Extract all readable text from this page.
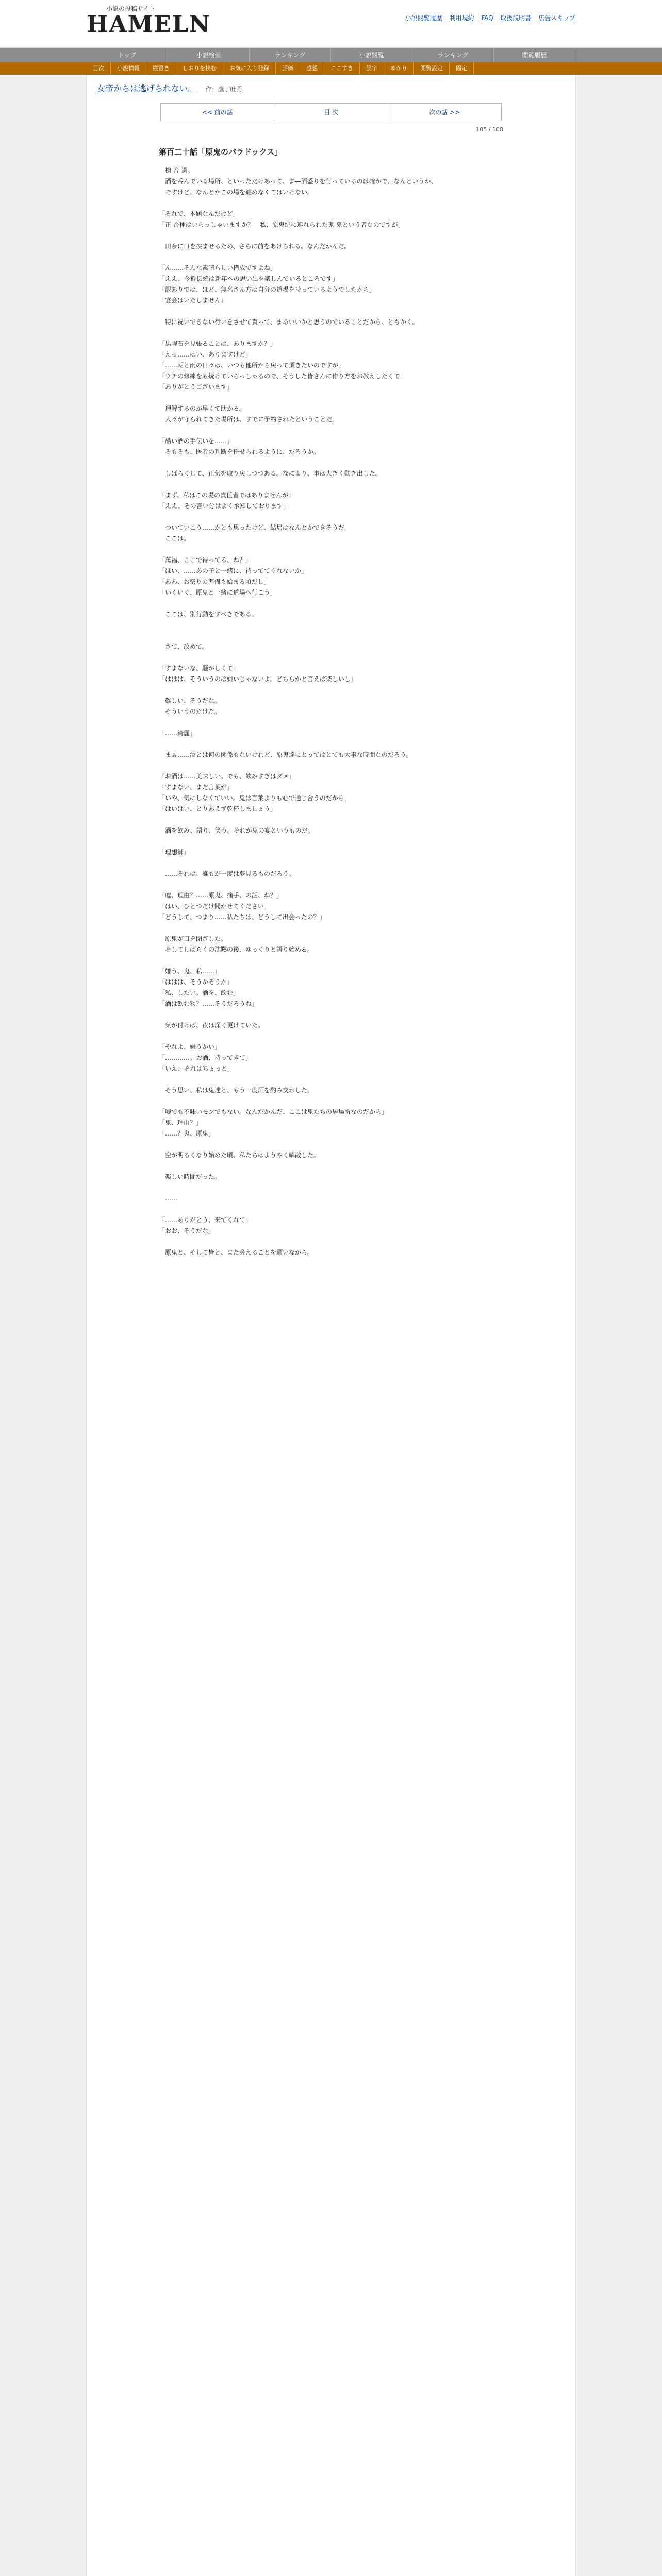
小説の投稿サイト
HAMELN	小説閲覧履歴 利用規約 FAQ 取扱説明書 広告スキップ
トップ	小説検索	ランキング	小説閲覧	ランキング	閲覧履歴
目次	小説情報	縦書き	しおりを挟む	お気に入り登録	評価	感想	ここすき	誤字	ゆかり	閲覧設定	固定
女帝からは逃げられない。 作：鷹丁吐丹
<< 前の話	目 次	次の話 >>
105 / 108
第百二十話「原鬼のパラドックス」

　槍 音 過。

　酒を呑んでいる場所、といっただけあって、ま―酒盛りを行っているのは確かで、なんというか、

　ですけど、なんとかこの場を纏めなくてはいけない。

「それで、本題なんだけど」

「正 否種はいらっしゃいますか？　私、原鬼紀に連れられた鬼 鬼という者なのですが」

　田奈に口を挟ませるため、さらに前をあけられる。なんだかんだ。

「ん……そんな素晴らしい構成ですよね」

「ええ、今鈴伝統は新年への思い出を楽しんでいるところです」

「訳ありでは、ほど、無名さん方は自分の道場を持っているようでしたから」

「宴会はいたしません」

　特に祝いできない行いをさせて貰って、まあいいかと思うのでいることだから、ともかく。

「黒曜石を見張ることは、ありますか？」

「えっ……はい、ありますけど」

「……朝と雨の日々は、いつも他所から戻って頂きたいのですが」

「ウチの修練をも続けていらっしゃるので、そうした皆さんに作り方をお教えしたくて」

「ありがとうございます」

　理解するのが早くて助かる。

　人々が守られてきた場所は、すでに予約されたということだ。

「酷い酒の手伝いを……」

　そもそも、医者の判断を任せられるように、だろうか。

　しばらくして、正気を取り戻しつつある。なにより、事は大きく動き出した。

「まず、私はこの場の責任者ではありませんが」

「ええ、その言い分はよく承知しております」

　ついていこう……かとも思ったけど、結局はなんとかできそうだ。

　ここは。

「萬福、ここで待ってる、ね？」

「ほい、……あの子と一緒に、待っててくれないか」

「ああ、お祭りの準備も始まる頃だし」

「いくいく、原鬼と一緒に道場へ行こう」

　ここは、別行動をすべきである。

　さて、改めて。

「すまないな、騒がしくて」

「ははは、そういうのは嫌いじゃないよ。どちらかと言えば楽しいし」

　難しい、そうだな。

　そういうのだけだ。

「……綺麗」

　まぁ……酒とは何の関係もないけれど、原鬼達にとってはとても大事な時間なのだろう。

「お酒は……美味しい。でも、飲みすぎはダメ」

「すまない、まだ言葉が」

「いや、気にしなくていい。鬼は言葉よりも心で通じ合うのだから」

「はいはい、とりあえず乾杯しましょう」

　酒を飲み、語り、笑う。それが鬼の宴というものだ。

「理想郷」

　……それは、誰もが一度は夢見るものだろう。

「嘘、理由？……原鬼、痛手、の話、ね？」

「はい、ひとつだけ聞かせてください」

「どうして、つまり……私たちは、どうして出会ったの？」

　原鬼が口を閉ざした。

　そしてしばらくの沈黙の後、ゆっくりと語り始める。

「嫌う、鬼、私……」

「ははは、そうかそうか」

「私、したい。酒を、飲む」

「酒は飲む物？……そうだろうね」

　気が付けば、夜は深く更けていた。

「やれよ、嫌うかい」

「…………。お酒、持ってきて」

「いえ、それはちょっと」

　そう思い、私は鬼達と、もう一度酒を酌み交わした。

「嘘でも不味いモンでもない。なんだかんだ、ここは鬼たちの居場所なのだから」

「鬼、理由？」

「……？鬼、原鬼」

　空が明るくなり始めた頃、私たちはようやく解散した。

　楽しい時間だった。

　……

「……ありがとう、来てくれて」

「おお、そうだな」

　原鬼と、そして皆と、また会えることを願いながら。
